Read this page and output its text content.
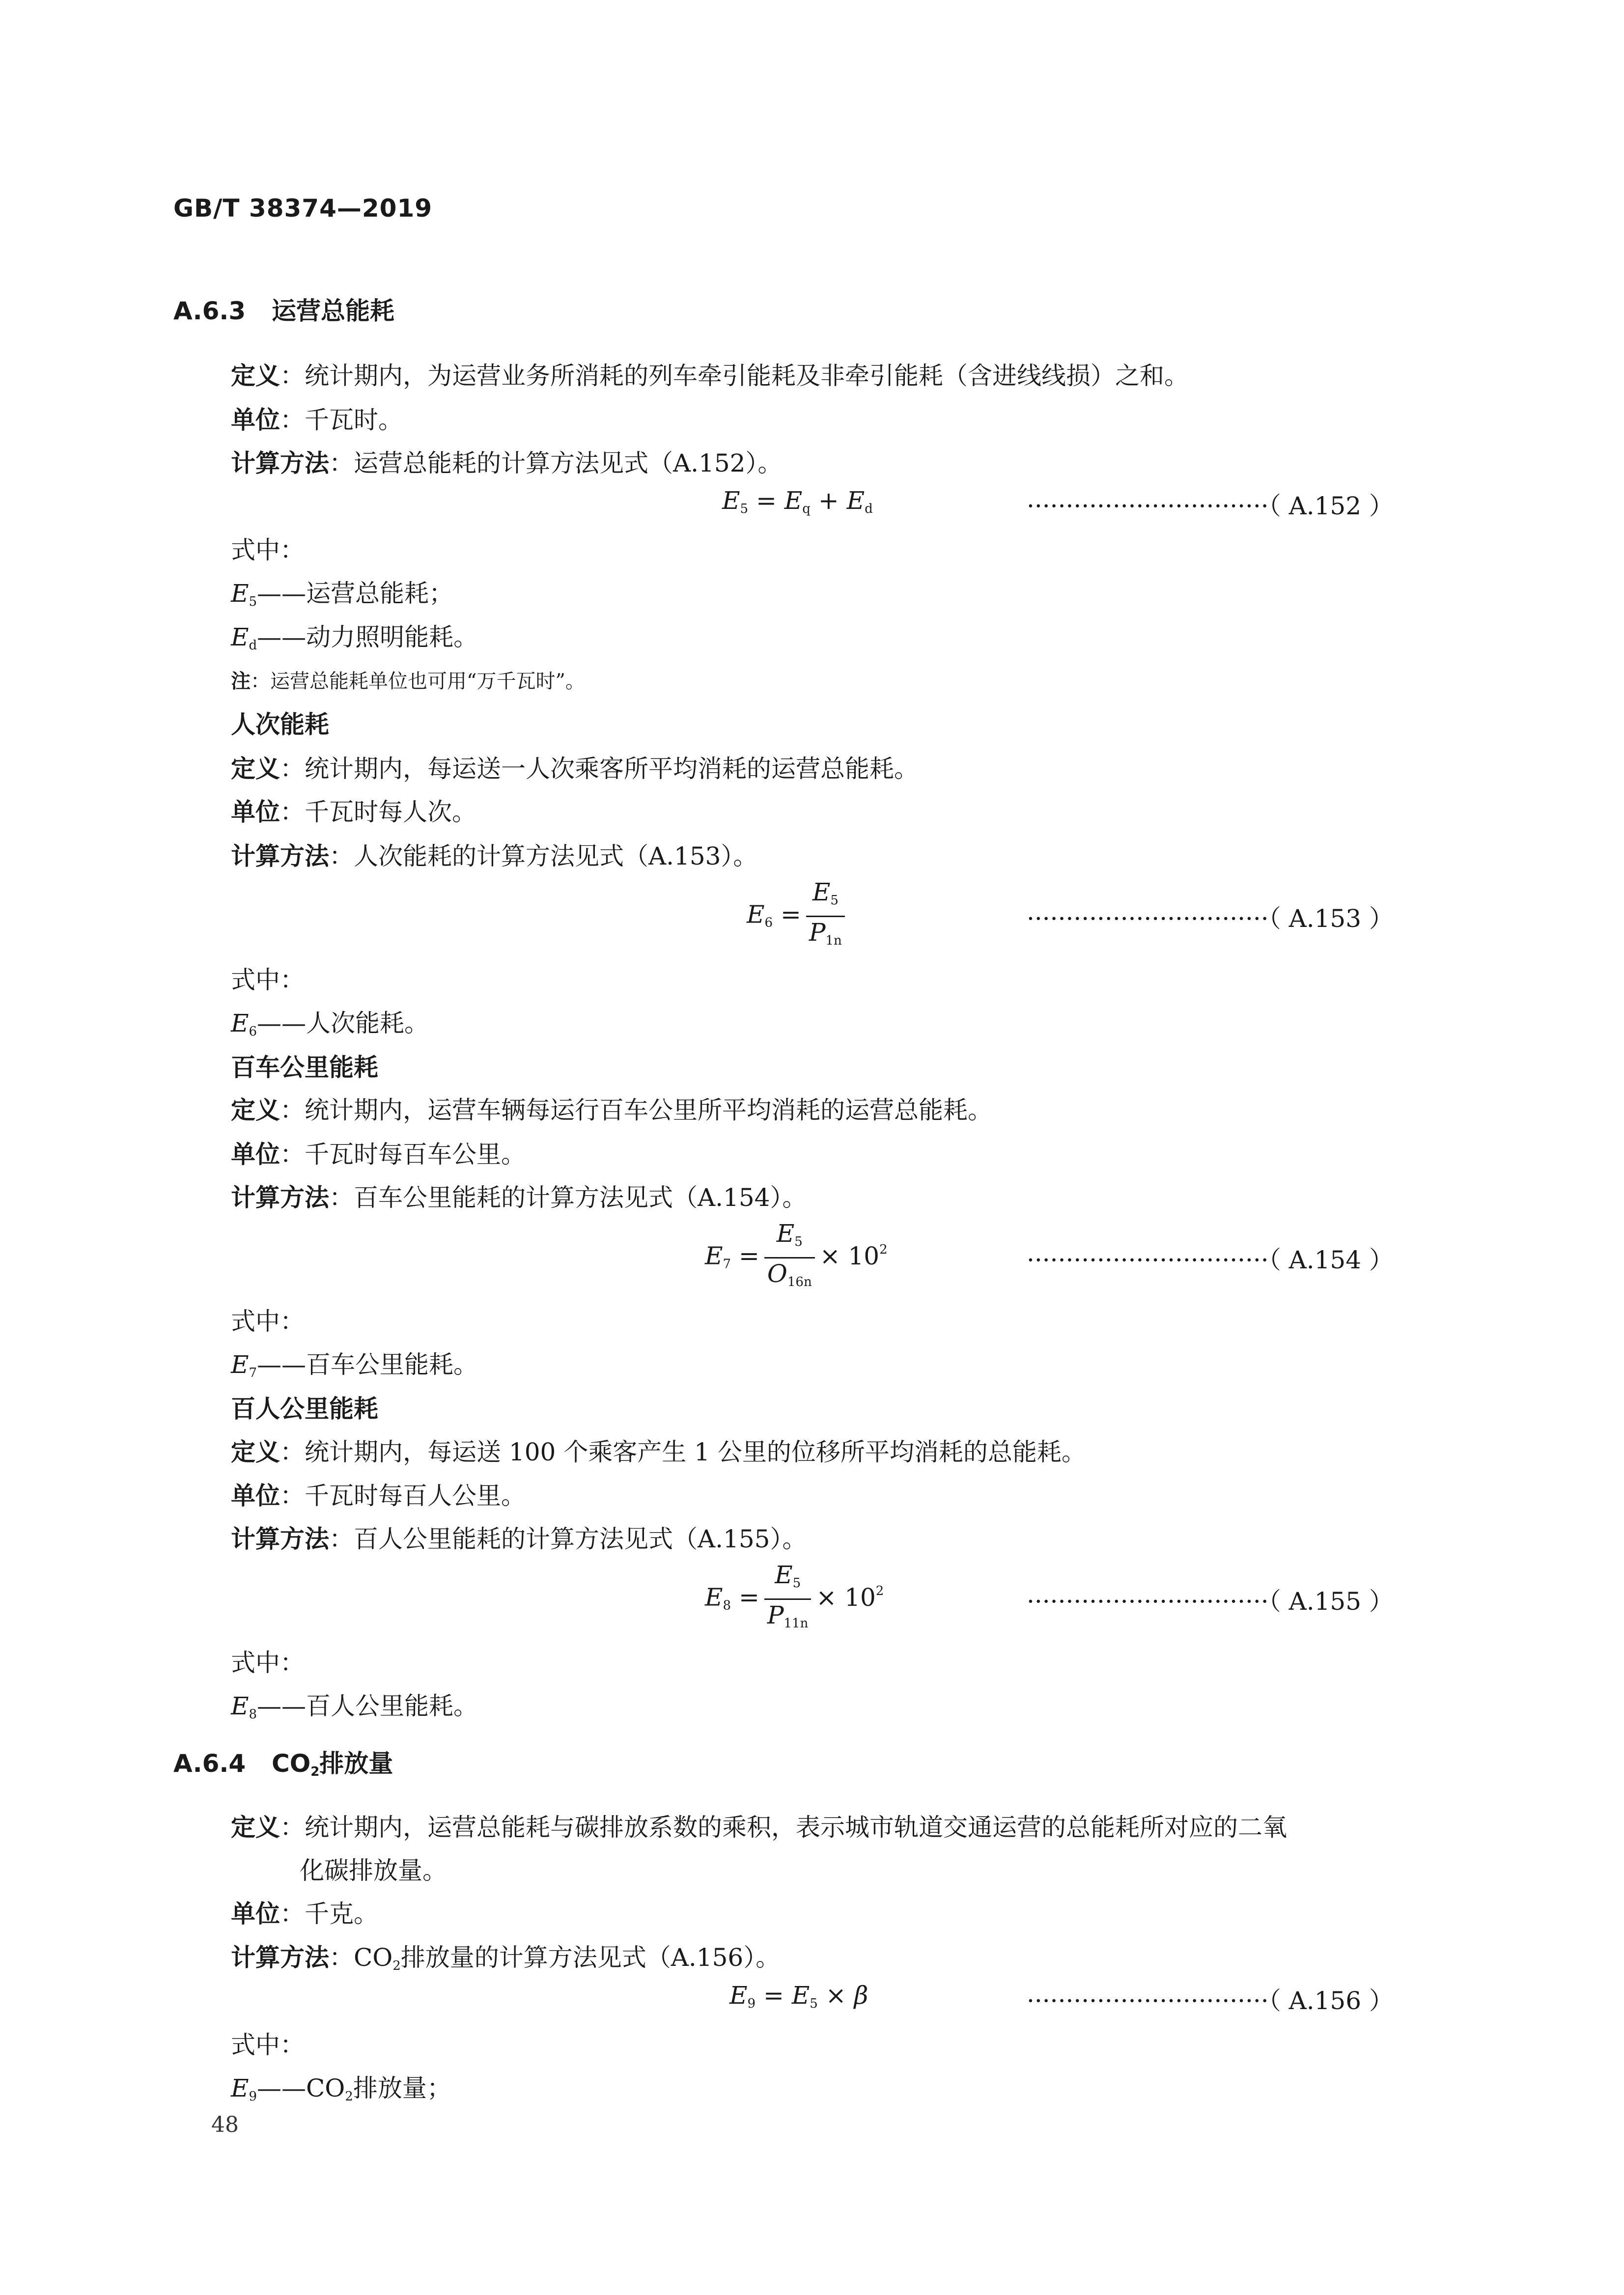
GB/T 38374—2019
A.6.3 运营总能耗
定义：统计期内，为运营业务所消耗的列车牵引能耗及非牵引能耗（含进线线损）之和。
单位：千瓦时。
计算方法：运营总能耗的计算方法见式（A.152）。
E5 = Eq + Ed	·······························（ A.152 ）
式中：
E5——运营总能耗；
Ed——动力照明能耗。
注：运营总能耗单位也可用“万千瓦时”。
人次能耗
定义：统计期内，每运送一人次乘客所平均消耗的运营总能耗。
单位：千瓦时每人次。
计算方法：人次能耗的计算方法见式（A.153）。
$E6 = \frac{E5}{P1n}$	·······························（ A.153 ）
式中：
E6——人次能耗。
百车公里能耗
定义：统计期内，运营车辆每运行百车公里所平均消耗的运营总能耗。
单位：千瓦时每百车公里。
计算方法：百车公里能耗的计算方法见式（A.154）。
$E7 = \frac{E5}{O16n} \times 10^2$	·······························（ A.154 ）
式中：
E7——百车公里能耗。
百人公里能耗
定义：统计期内，每运送 100 个乘客产生 1 公里的位移所平均消耗的总能耗。
单位：千瓦时每百人公里。
计算方法：百人公里能耗的计算方法见式（A.155）。
$E8 = \frac{E5}{P11n} \times 10^2$	·······························（ A.155 ）
式中：
E8——百人公里能耗。
A.6.4 CO2排放量
定义：统计期内，运营总能耗与碳排放系数的乘积，表示城市轨道交通运营的总能耗所对应的二氧
化碳排放量。
单位：千克。
计算方法：CO2排放量的计算方法见式（A.156）。
E9 = E5 × β	·······························（ A.156 ）
式中：
E9——CO2排放量；
48
